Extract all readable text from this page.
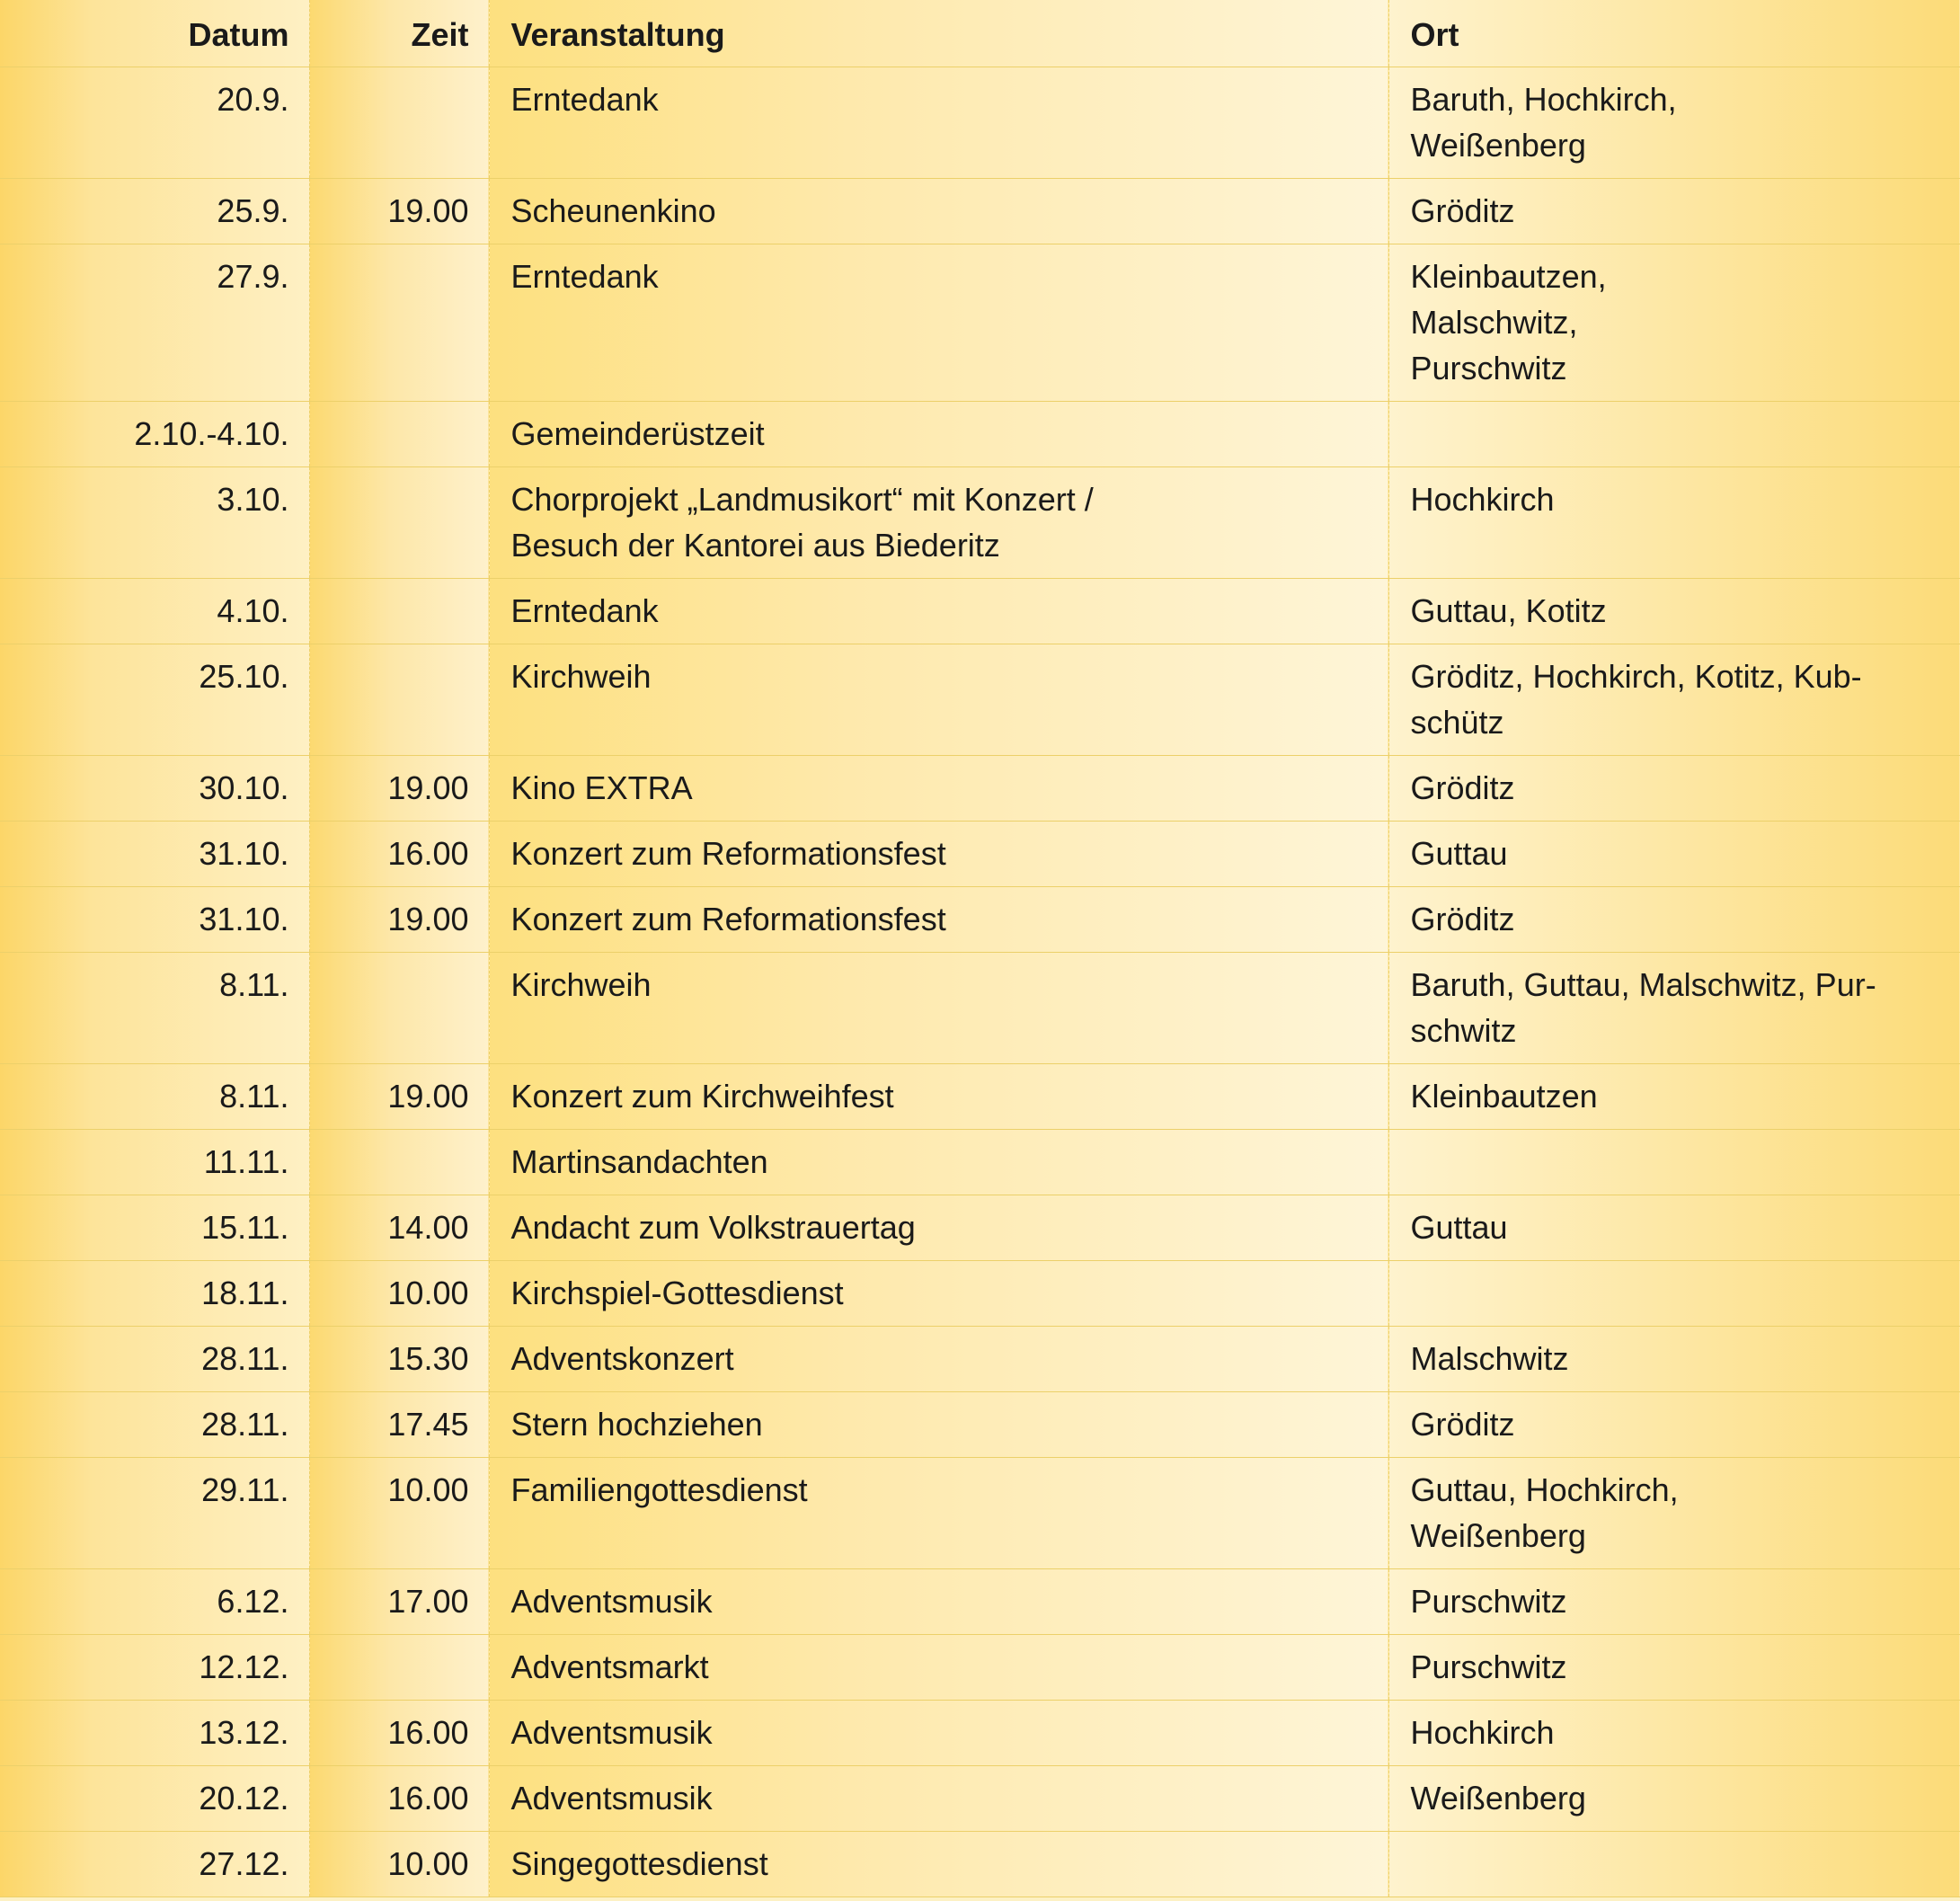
Datum	Zeit	Veranstaltung	Ort
20.9.		Erntedank	Baruth, Hochkirch,
Weißenberg
25.9.	19.00	Scheunenkino	Gröditz
27.9.		Erntedank	Kleinbautzen,
Malschwitz,
Purschwitz
2.10.-4.10.		Gemeinderüstzeit	
3.10.		Chorprojekt „Landmusikort“ mit Konzert /
Besuch der Kantorei aus Biederitz	Hochkirch
4.10.		Erntedank	Guttau, Kotitz
25.10.		Kirchweih	Gröditz, Hochkirch, Kotitz, Kub-
schütz
30.10.	19.00	Kino EXTRA	Gröditz
31.10.	16.00	Konzert zum Reformationsfest	Guttau
31.10.	19.00	Konzert zum Reformationsfest	Gröditz
8.11.		Kirchweih	Baruth, Guttau, Malschwitz, Pur-
schwitz
8.11.	19.00	Konzert zum Kirchweihfest	Kleinbautzen
11.11.		Martinsandachten	
15.11.	14.00	Andacht zum Volkstrauertag	Guttau
18.11.	10.00	Kirchspiel-Gottesdienst	
28.11.	15.30	Adventskonzert	Malschwitz
28.11.	17.45	Stern hochziehen	Gröditz
29.11.	10.00	Familiengottesdienst	Guttau, Hochkirch,
Weißenberg
6.12.	17.00	Adventsmusik	Purschwitz
12.12.		Adventsmarkt	Purschwitz
13.12.	16.00	Adventsmusik	Hochkirch
20.12.	16.00	Adventsmusik	Weißenberg
27.12.	10.00	Singegottesdienst	
